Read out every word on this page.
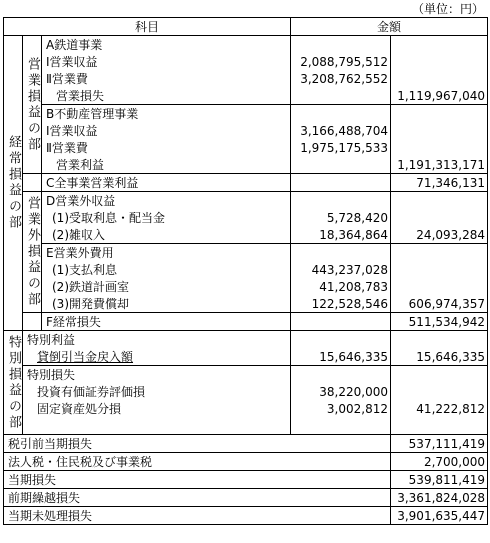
（単位：円）
科目			金額	
経常損益の部	営業損益の部	A鉄道事業		
		Ⅰ営業収益	2,088,795,512	
		Ⅱ営業費	3,208,762,552	
		営業損失		1,119,967,040
		B不動産管理事業		
		Ⅰ営業収益	3,166,488,704	
		Ⅱ営業費	1,975,175,533	
		営業利益		1,191,313,171
		C全事業営業利益		71,346,131
	営業外損益の部	D営業外収益		
		(1)受取利息・配当金	5,728,420	
		(2)雑収入	18,364,864	24,093,284
		E営業外費用		
		(1)支払利息	443,237,028	
		(2)鉄道計画室	41,208,783	
		(3)開発費償却	122,528,546	606,974,357
		F経常損失		511,534,942
特別損益の部	特別利益			
	貸倒引当金戻入額		15,646,335	15,646,335
	特別損失			
	投資有価証券評価損		38,220,000	
	固定資産処分損		3,002,812	41,222,812

税引前当期損失				537,111,419
法人税・住民税及び事業税				2,700,000
当期損失				539,811,419
前期繰越損失				3,361,824,028
当期未処理損失				3,901,635,447
